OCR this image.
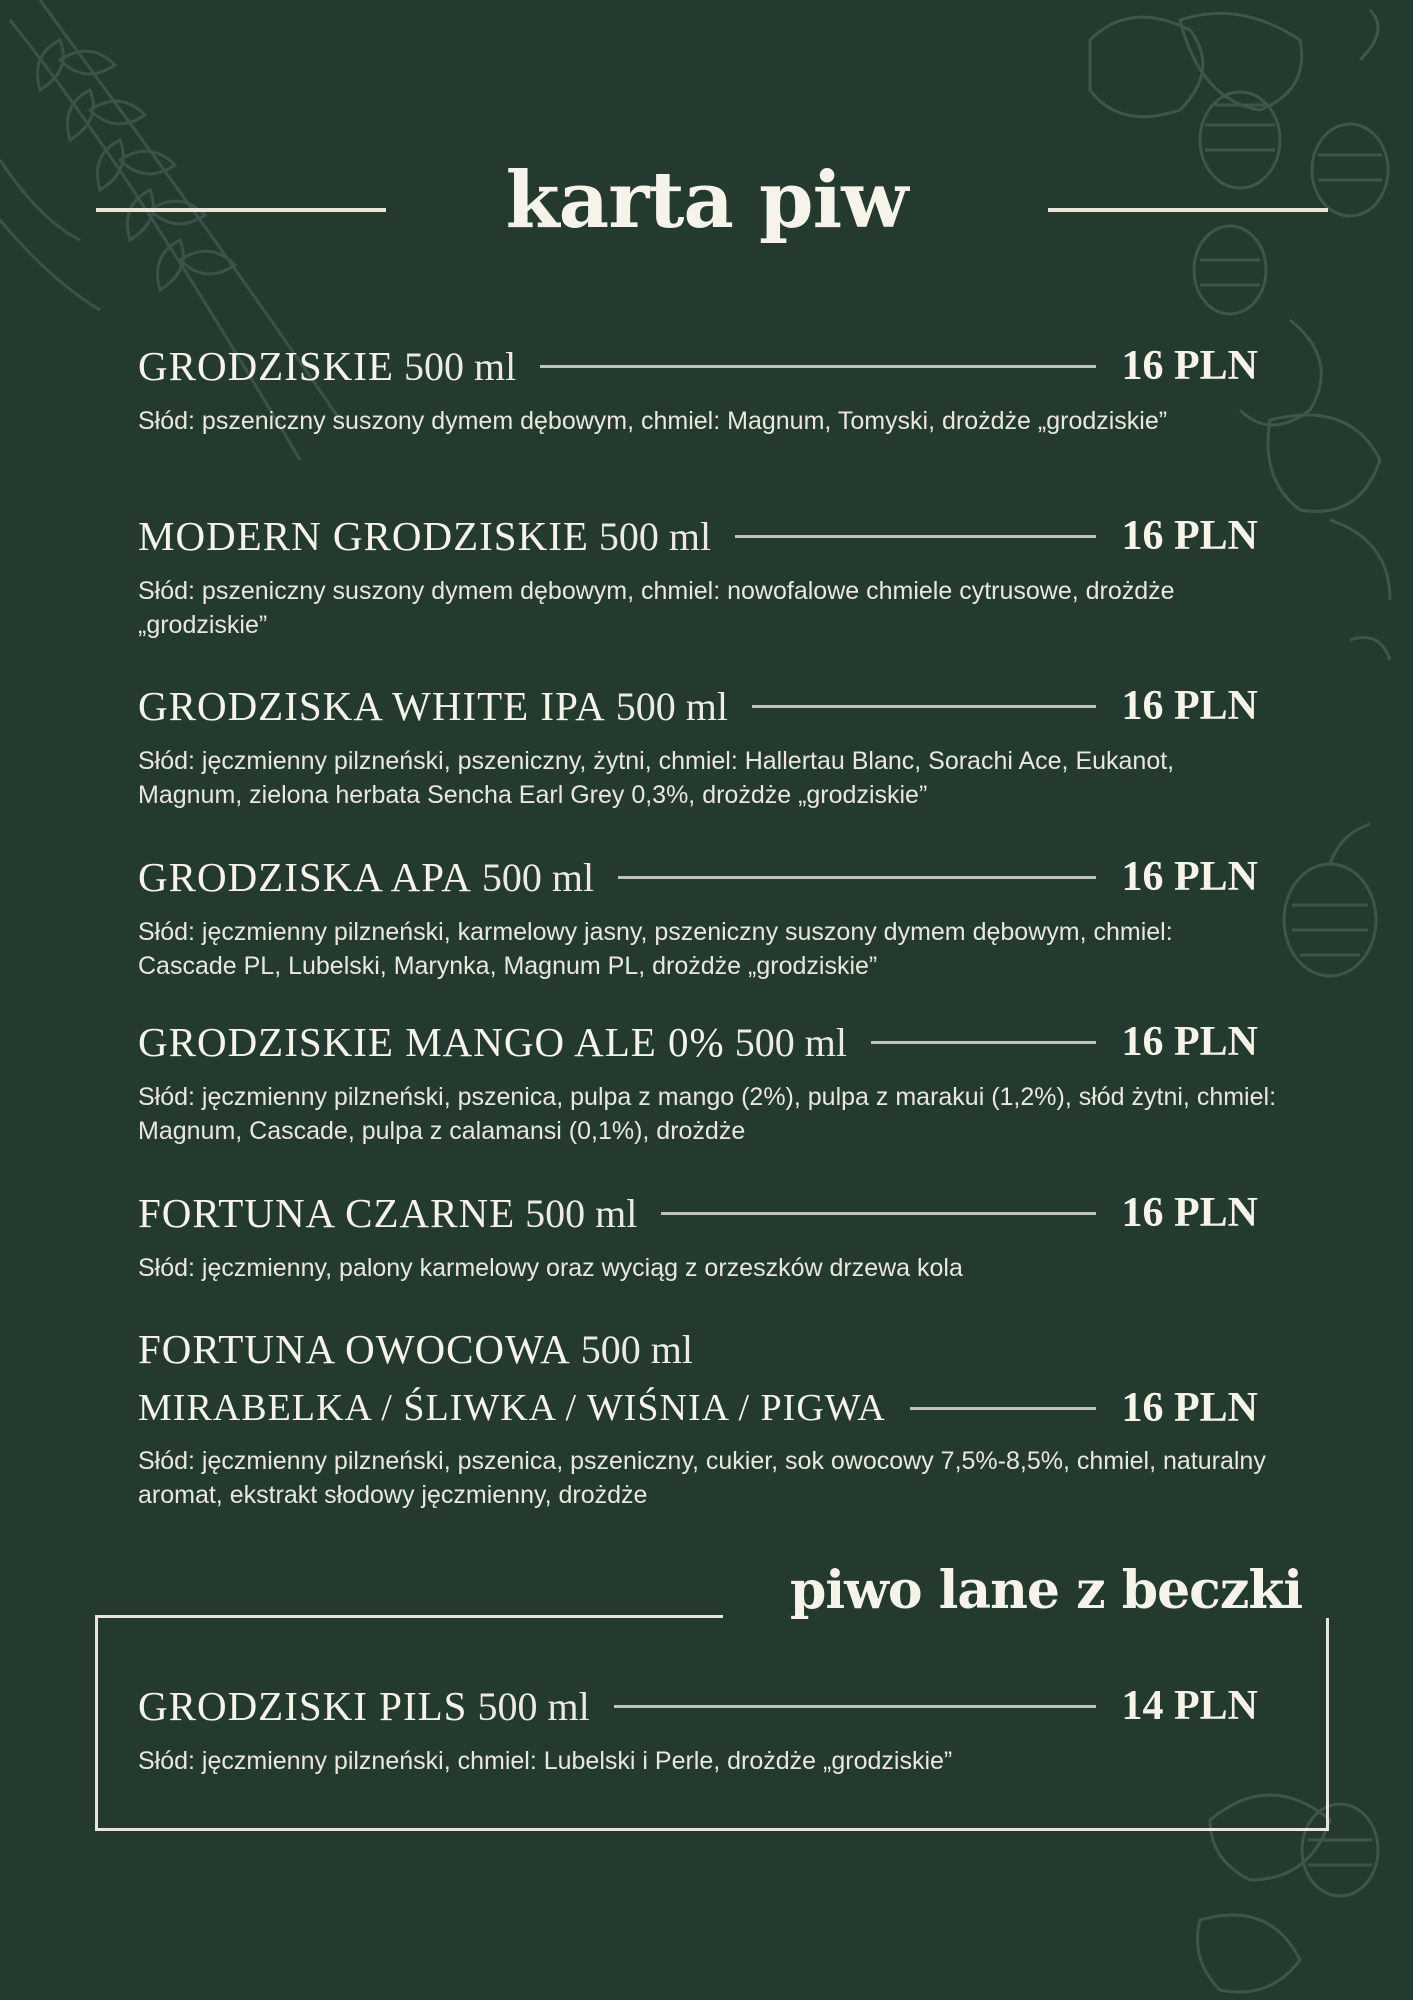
karta piw
GRODZISKIE 500 ml	16 PLN
Słód: pszeniczny suszony dymem dębowym, chmiel: Magnum, Tomyski, drożdże „grodziskie”
MODERN GRODZISKIE 500 ml	16 PLN
Słód: pszeniczny suszony dymem dębowym, chmiel: nowofalowe chmiele cytrusowe, drożdże „grodziskie”
GRODZISKA WHITE IPA 500 ml	16 PLN
Słód: jęczmienny pilzneński, pszeniczny, żytni, chmiel: Hallertau Blanc, Sorachi Ace, Eukanot, Magnum, zielona herbata Sencha Earl Grey 0,3%, drożdże „grodziskie”
GRODZISKA APA 500 ml	16 PLN
Słód: jęczmienny pilzneński, karmelowy jasny, pszeniczny suszony dymem dębowym, chmiel: Cascade PL, Lubelski, Marynka, Magnum PL, drożdże „grodziskie”
GRODZISKIE MANGO ALE 0% 500 ml	16 PLN
Słód: jęczmienny pilzneński, pszenica, pulpa z mango (2%), pulpa z marakui (1,2%), słód żytni, chmiel: Magnum, Cascade, pulpa z calamansi (0,1%), drożdże
FORTUNA CZARNE 500 ml	16 PLN
Słód: jęczmienny, palony karmelowy oraz wyciąg z orzeszków drzewa kola
FORTUNA OWOCOWA 500 ml
MIRABELKA / ŚLIWKA / WIŚNIA / PIGWA	16 PLN
Słód: jęczmienny pilzneński, pszenica, pszeniczny, cukier, sok owocowy 7,5%-8,5%, chmiel, naturalny aromat, ekstrakt słodowy jęczmienny, drożdże
piwo lane z beczki
GRODZISKI PILS 500 ml	14 PLN
Słód: jęczmienny pilzneński, chmiel: Lubelski i Perle, drożdże „grodziskie”
